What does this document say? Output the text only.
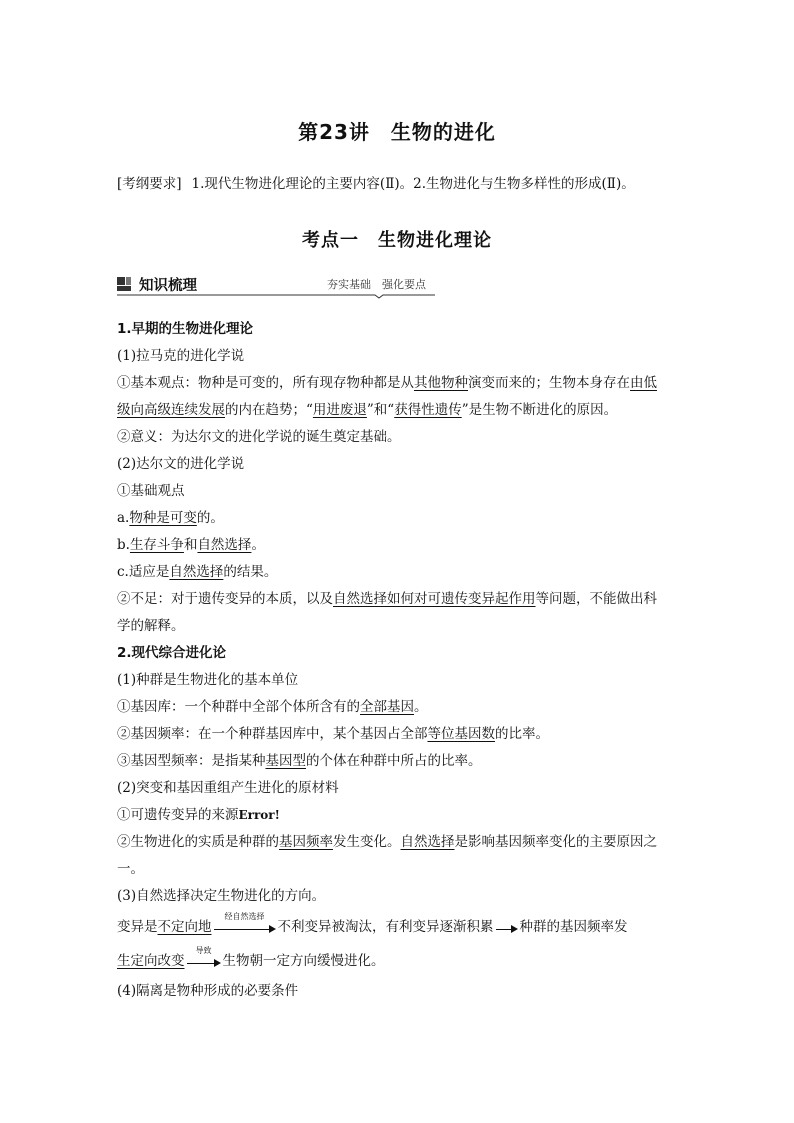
第23讲　生物的进化
[考纲要求] 1.现代生物进化理论的主要内容(Ⅱ)。2.生物进化与生物多样性的形成(Ⅱ)。
考点一　生物进化理论
知识梳理	夯实基础　强化要点
1.早期的生物进化理论
(1)拉马克的进化学说
①基本观点：物种是可变的，所有现存物种都是从其他物种演变而来的；生物本身存在由低
级向高级连续发展的内在趋势；“用进废退”和“获得性遗传”是生物不断进化的原因。
②意义：为达尔文的进化学说的诞生奠定基础。
(2)达尔文的进化学说
①基础观点
a.物种是可变的。
b.生存斗争和自然选择。
c.适应是自然选择的结果。
②不足：对于遗传变异的本质，以及自然选择如何对可遗传变异起作用等问题，不能做出科
学的解释。
2.现代综合进化论
(1)种群是生物进化的基本单位
①基因库：一个种群中全部个体所含有的全部基因。
②基因频率：在一个种群基因库中，某个基因占全部等位基因数的比率。
③基因型频率：是指某种基因型的个体在种群中所占的比率。
(2)突变和基因重组产生进化的原材料
①可遗传变异的来源Error!
②生物进化的实质是种群的基因频率发生变化。自然选择是影响基因频率变化的主要原因之
一。
(3)自然选择决定生物进化的方向。
变异是不定向地
经自然选择
不利变异被淘汰，有利变异逐渐积累 种群的基因频率发
生定向改变
导致
生物朝一定方向缓慢进化。
(4)隔离是物种形成的必要条件
